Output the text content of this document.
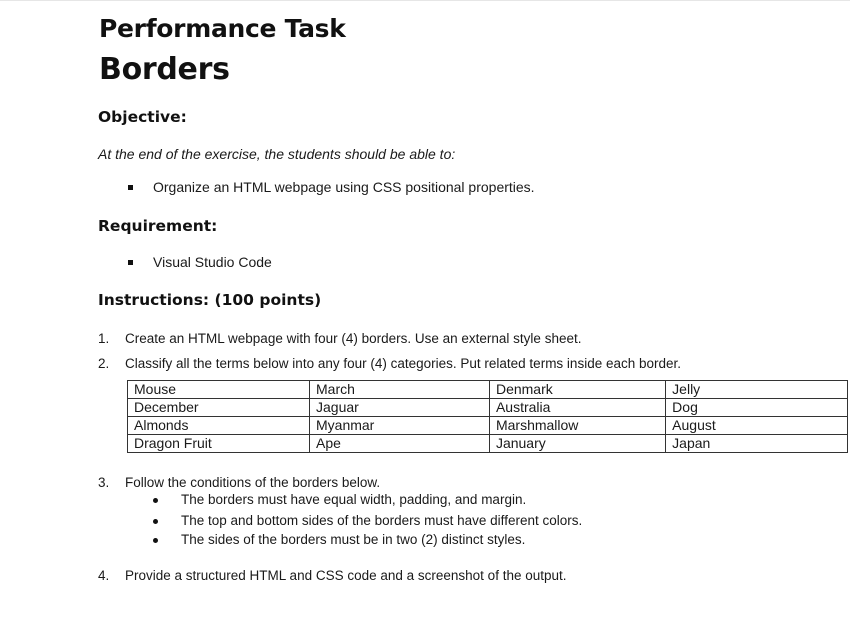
Performance Task
Borders
Objective:
At the end of the exercise, the students should be able to:
Organize an HTML webpage using CSS positional properties.
Requirement:
Visual Studio Code
Instructions: (100 points)
1. Create an HTML webpage with four (4) borders. Use an external style sheet.
2. Classify all the terms below into any four (4) categories. Put related terms inside each border.
Mouse	March	Denmark	Jelly
December	Jaguar	Australia	Dog
Almonds	Myanmar	Marshmallow	August
Dragon Fruit	Ape	January	Japan
3. Follow the conditions of the borders below.
The borders must have equal width, padding, and margin.
The top and bottom sides of the borders must have different colors.
The sides of the borders must be in two (2) distinct styles.
4. Provide a structured HTML and CSS code and a screenshot of the output.
